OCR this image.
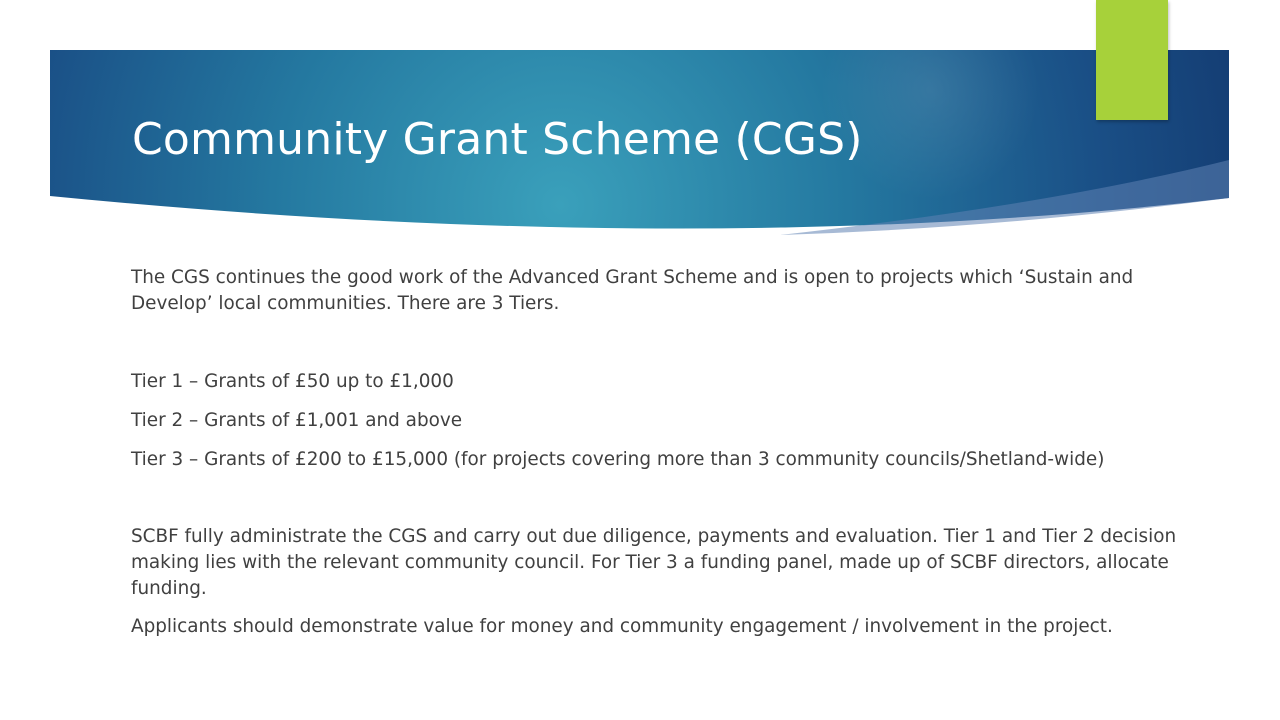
Community Grant Scheme (CGS)

The CGS continues the good work of the Advanced Grant Scheme and is open to projects which ‘Sustain and Develop’ local communities. There are 3 Tiers.

Tier 1 – Grants of £50 up to £1,000

Tier 2 – Grants of £1,001 and above

Tier 3 – Grants of £200 to £15,000 (for projects covering more than 3 community councils/Shetland-wide)

SCBF fully administrate the CGS and carry out due diligence, payments and evaluation. Tier 1 and Tier 2 decision making lies with the relevant community council. For Tier 3 a funding panel, made up of SCBF directors, allocate funding.

Applicants should demonstrate value for money and community engagement / involvement in the project.
